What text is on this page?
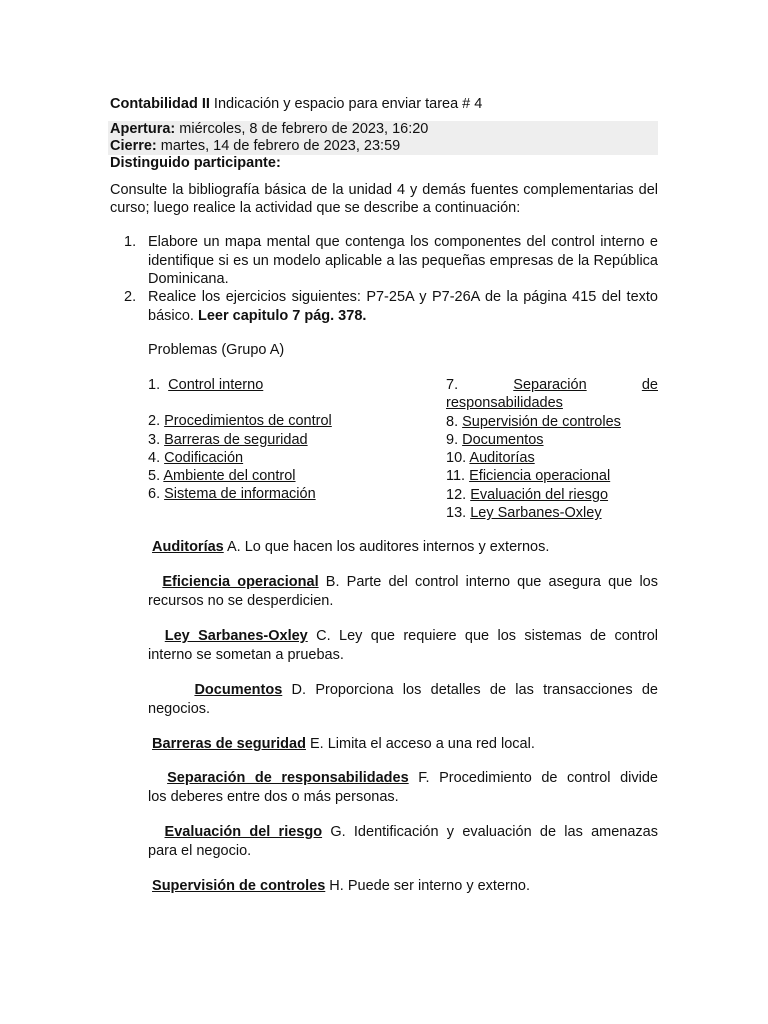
Contabilidad II Indicación y espacio para enviar tarea # 4
Apertura: miércoles, 8 de febrero de 2023, 16:20
Cierre: martes, 14 de febrero de 2023, 23:59
Distinguido participante:
Consulte la bibliografía básica de la unidad 4 y demás fuentes complementarias del curso; luego realice la actividad que se describe a continuación:
1. Elabore un mapa mental que contenga los componentes del control interno e identifique si es un modelo aplicable a las pequeñas empresas de la República Dominicana.
2. Realice los ejercicios siguientes: P7-25A y P7-26A de la página 415 del texto básico. Leer capitulo 7 pág. 378.
Problemas (Grupo A)
1. Control interno
2. Procedimientos de control
3. Barreras de seguridad
4. Codificación
5. Ambiente del control
6. Sistema de información
7.	Separación	de
responsabilidades
8. Supervisión de controles
9. Documentos
10. Auditorías
11. Eficiencia operacional
12. Evaluación del riesgo
13. Ley Sarbanes-Oxley
Auditorías A. Lo que hacen los auditores internos y externos.
Eficiencia operacional B. Parte del control interno que asegura que los
recursos no se desperdicien.
Ley Sarbanes-Oxley C. Ley que requiere que los sistemas de control
interno se sometan a pruebas.
Documentos D. Proporciona los detalles de las transacciones de
negocios.
Barreras de seguridad E. Limita el acceso a una red local.
Separación de responsabilidades F. Procedimiento de control divide
los deberes entre dos o más personas.
Evaluación del riesgo G. Identificación y evaluación de las amenazas
para el negocio.
Supervisión de controles H. Puede ser interno y externo.
